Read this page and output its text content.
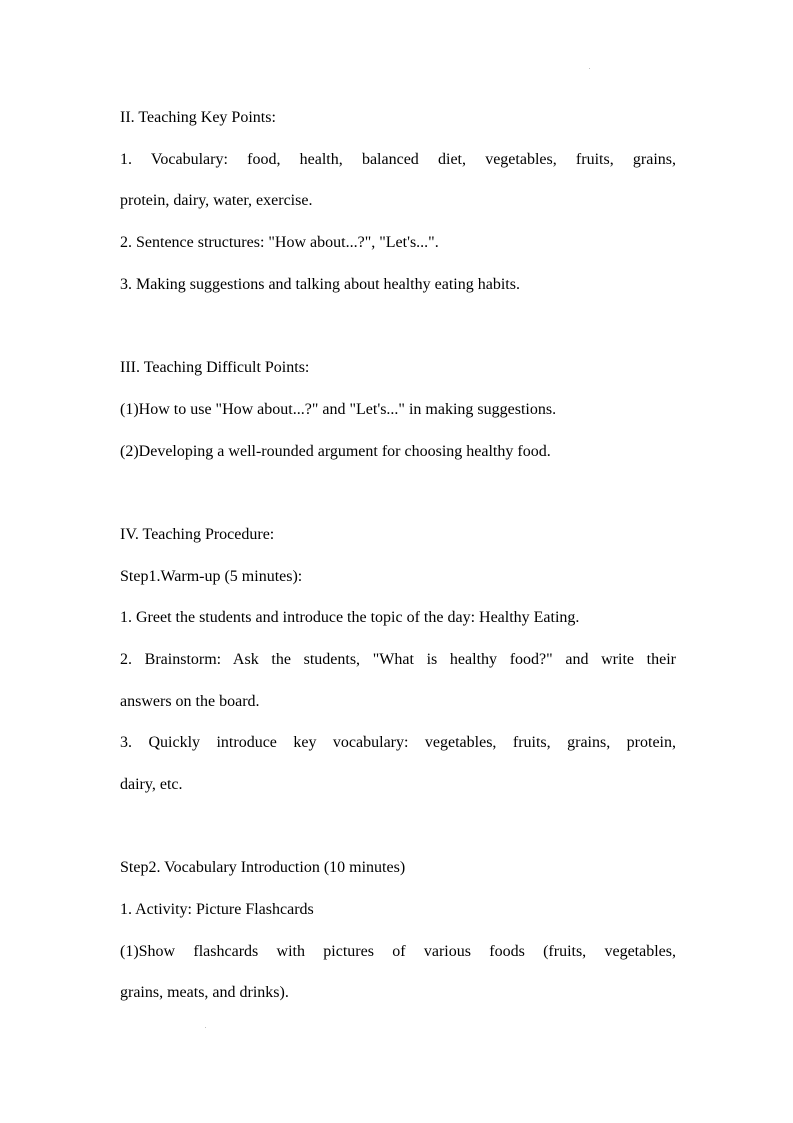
II. Teaching Key Points:
1. Vocabulary: food, health, balanced diet, vegetables, fruits, grains,
protein, dairy, water, exercise.
2. Sentence structures: "How about...?", "Let's...".
3. Making suggestions and talking about healthy eating habits.
III. Teaching Difficult Points:
(1)How to use "How about...?" and "Let's..." in making suggestions.
(2)Developing a well-rounded argument for choosing healthy food.
IV. Teaching Procedure:
Step1.Warm-up (5 minutes):
1. Greet the students and introduce the topic of the day: Healthy Eating.
2. Brainstorm: Ask the students, "What is healthy food?" and write their
answers on the board.
3. Quickly introduce key vocabulary: vegetables, fruits, grains, protein,
dairy, etc.
Step2. Vocabulary Introduction (10 minutes)
1. Activity: Picture Flashcards
(1)Show flashcards with pictures of various foods (fruits, vegetables,
grains, meats, and drinks).
